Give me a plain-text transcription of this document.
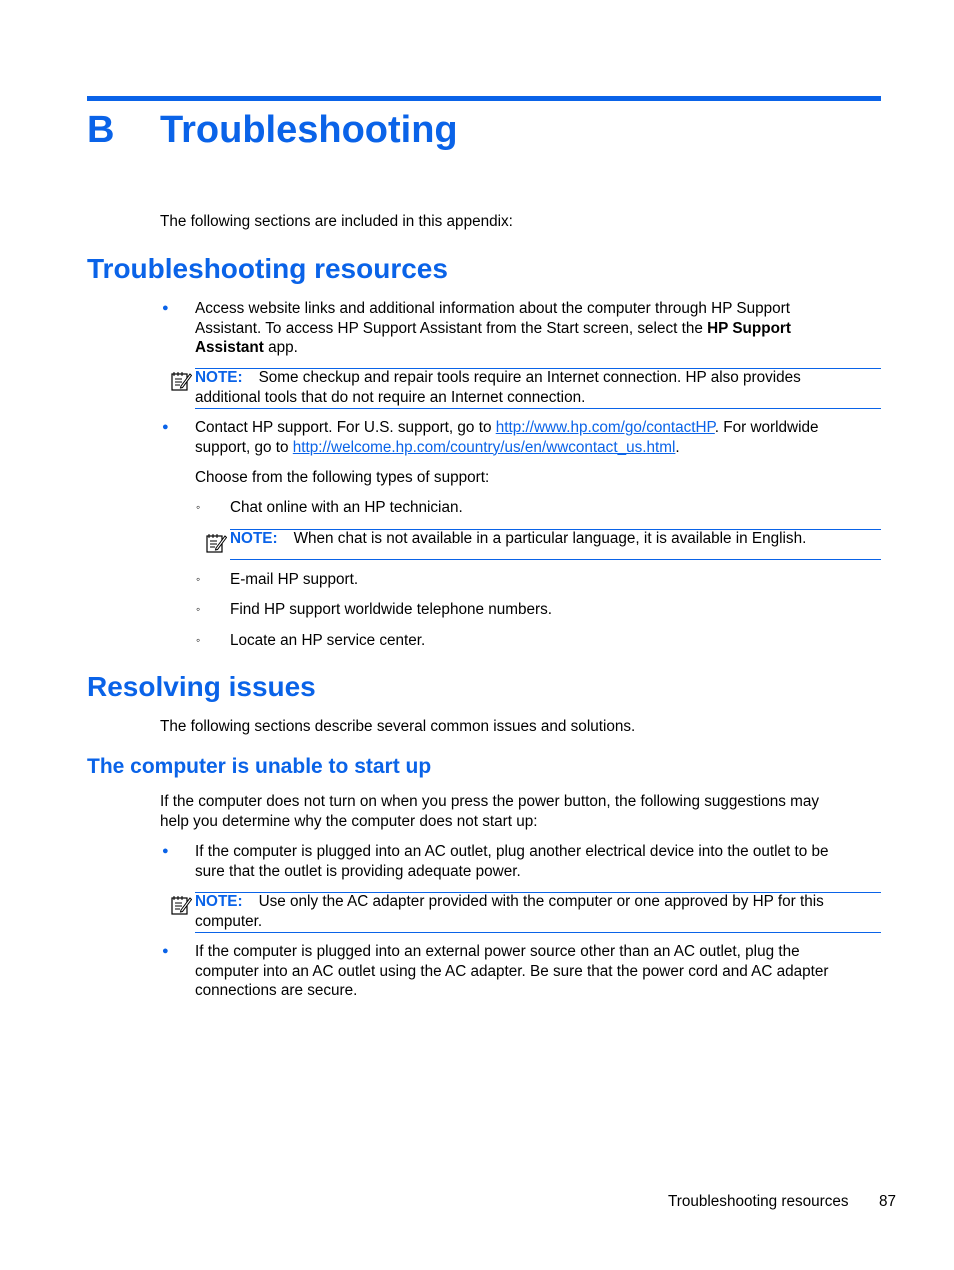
B Troubleshooting
The following sections are included in this appendix:
Troubleshooting resources
● Access website links and additional information about the computer through HP Support
Assistant. To access HP Support Assistant from the Start screen, select the HP Support
Assistant app.
NOTE: Some checkup and repair tools require an Internet connection. HP also provides
additional tools that do not require an Internet connection.
● Contact HP support. For U.S. support, go to http://www.hp.com/go/contactHP. For worldwide
support, go to http://welcome.hp.com/country/us/en/wwcontact_us.html.
Choose from the following types of support:
◦ Chat online with an HP technician.
NOTE: When chat is not available in a particular language, it is available in English.
◦ E-mail HP support.
◦ Find HP support worldwide telephone numbers.
◦ Locate an HP service center.
Resolving issues
The following sections describe several common issues and solutions.
The computer is unable to start up
If the computer does not turn on when you press the power button, the following suggestions may
help you determine why the computer does not start up:
● If the computer is plugged into an AC outlet, plug another electrical device into the outlet to be
sure that the outlet is providing adequate power.
NOTE: Use only the AC adapter provided with the computer or one approved by HP for this
computer.
● If the computer is plugged into an external power source other than an AC outlet, plug the
computer into an AC outlet using the AC adapter. Be sure that the power cord and AC adapter
connections are secure.
Troubleshooting resources 87
